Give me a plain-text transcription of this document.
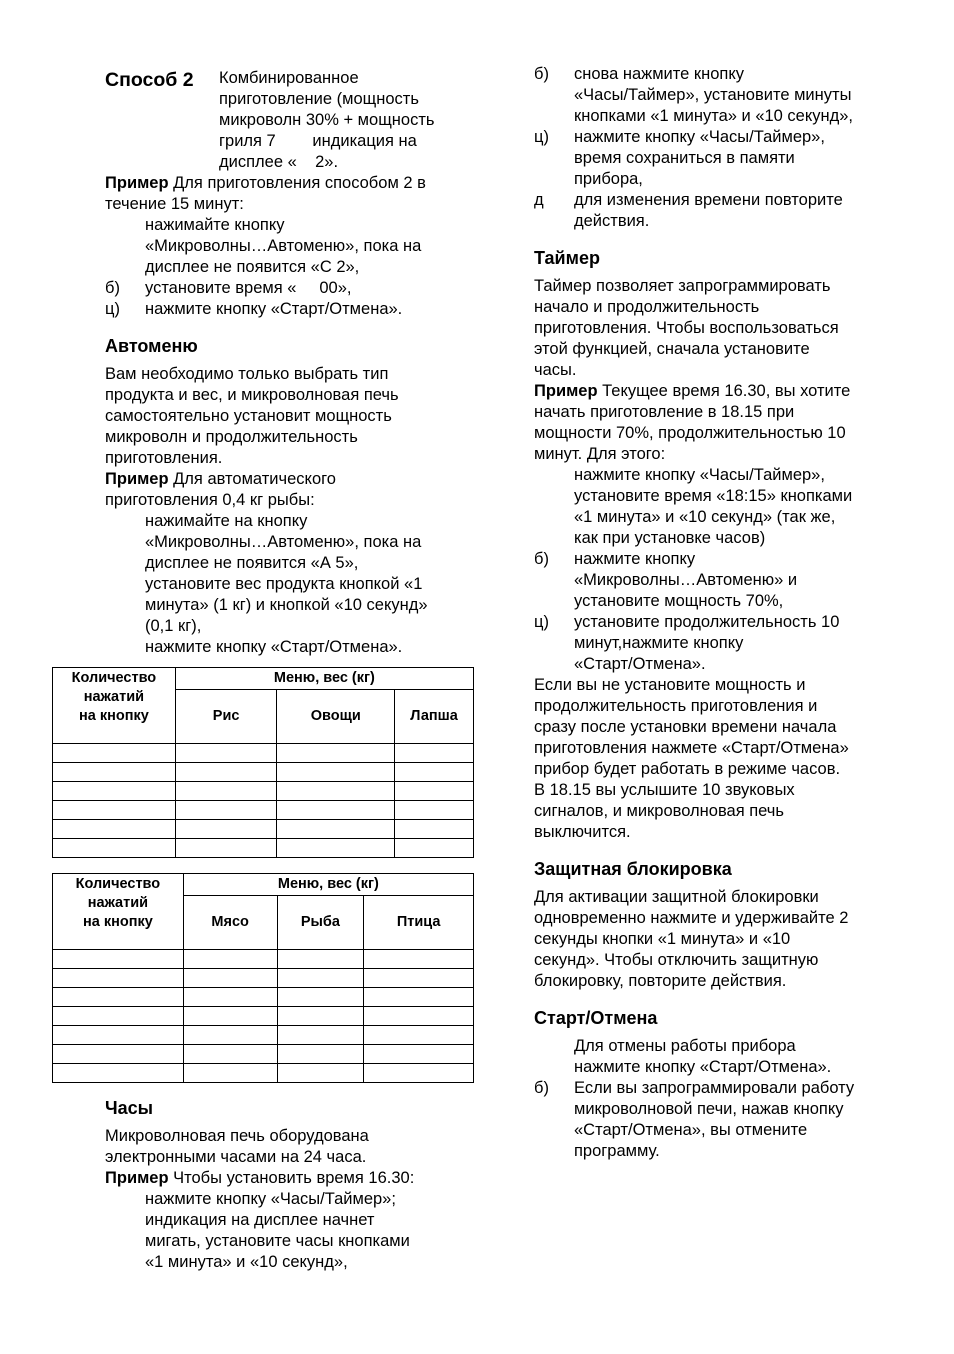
Способ 2	Комбинированное

приготовление (мощность

микроволн 30% + мощность

гриля 7        индикация на

дисплее «    2».

Пример Для приготовления способом 2 в

течение 15 минут:

нажимайте кнопку

«Микроволны…Автоменю», пока на

дисплее не появится «С 2»,

б)	установите время «     00»,

ц)	нажмите кнопку «Старт/Отмена».

Автоменю

Вам необходимо только выбрать тип

продукта и вес, и микроволновая печь

самостоятельно установит мощность

микроволн и продолжительность

приготовления.

Пример Для автоматического

приготовления 0,4 кг рыбы:

нажимайте на кнопку

«Микроволны…Автоменю», пока на

дисплее не появится «А 5»,

установите вес продукта кнопкой «1

минута» (1 кг) и кнопкой «10 секунд»

(0,1 кг),

нажмите кнопку «Старт/Отмена».

Количество
нажатий
на кнопку	Меню, вес (кг)		
	Рис	Овощи	Лапша

Количество
нажатий
на кнопку	Меню, вес (кг)		
	Мясо	Рыба	Птица

Часы

Микроволновая печь оборудована

электронными часами на 24 часа.

Пример Чтобы установить время 16.30:

нажмите кнопку «Часы/Таймер»;

индикация на дисплее начнет

мигать, установите часы кнопками

«1 минута» и «10 секунд»,

б)	снова нажмите кнопку

«Часы/Таймер», установите минуты

кнопками «1 минута» и «10 секунд»,

ц)	нажмите кнопку «Часы/Таймер»,

время сохраниться в памяти

прибора,

д	для изменения времени повторите

действия.

Таймер

Таймер позволяет запрограммировать

начало и продолжительность

приготовления. Чтобы воспользоваться

этой функцией, сначала установите

часы.

Пример Текущее время 16.30, вы хотите

начать приготовление в 18.15 при

мощности 70%, продолжительностью 10

минут. Для этого:

нажмите кнопку «Часы/Таймер»,

установите время «18:15» кнопками

«1 минута» и «10 секунд» (так же,

как при установке часов)

б)	нажмите кнопку

«Микроволны…Автоменю» и

установите мощность 70%,

ц)	установите продолжительность 10

минут,нажмите кнопку

«Старт/Отмена».

Если вы не установите мощность и

продолжительность приготовления и

сразу после установки времени начала

приготовления нажмете «Старт/Отмена»

прибор будет работать в режиме часов.

В 18.15 вы услышите 10 звуковых

сигналов, и микроволновая печь

выключится.

Защитная блокировка

Для активации защитной блокировки

одновременно нажмите и удерживайте 2

секунды кнопки «1 минута» и «10

секунд». Чтобы отключить защитную

блокировку, повторите действия.

Старт/Отмена

Для отмены работы прибора

нажмите кнопку «Старт/Отмена».

б)	Если вы запрограммировали работу

микроволновой печи, нажав кнопку

«Старт/Отмена», вы отмените

программу.
